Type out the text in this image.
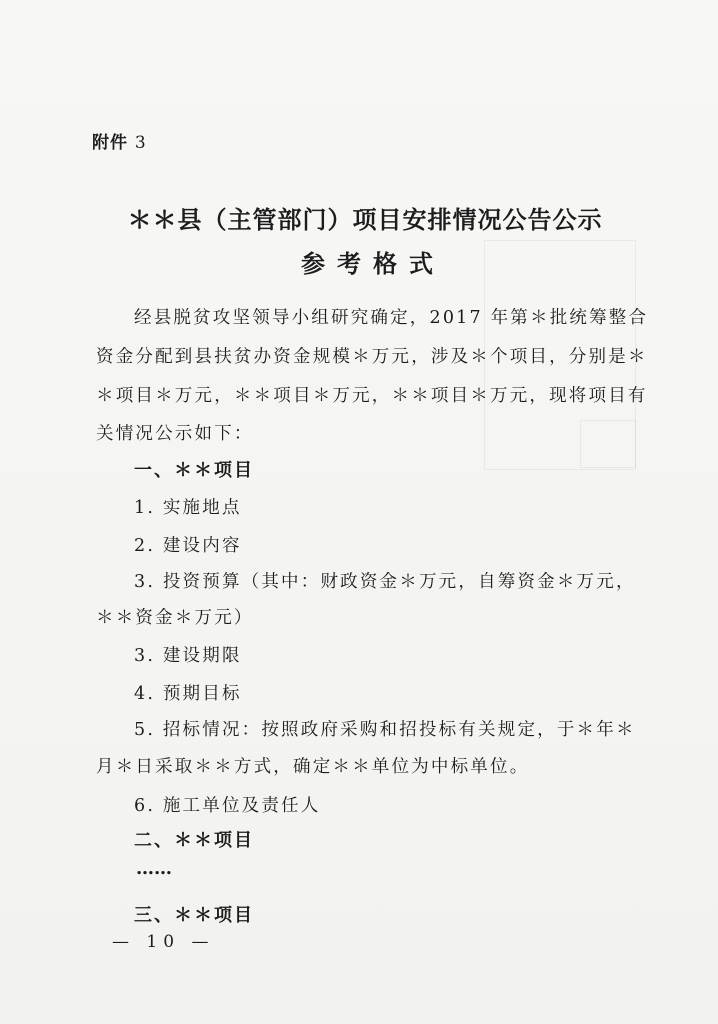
附件 3
＊＊县（主管部门）项目安排情况公告公示
参考格式
经县脱贫攻坚领导小组研究确定，2017 年第＊批统筹整合
资金分配到县扶贫办资金规模＊万元，涉及＊个项目，分别是＊
＊项目＊万元，＊＊项目＊万元，＊＊项目＊万元，现将项目有
关情况公示如下：
一、＊＊项目
1. 实施地点
2. 建设内容
3. 投资预算（其中：财政资金＊万元，自筹资金＊万元，
＊＊资金＊万元）
3. 建设期限
4. 预期目标
5. 招标情况：按照政府采购和招投标有关规定，于＊年＊
月＊日采取＊＊方式，确定＊＊单位为中标单位。
6. 施工单位及责任人
二、＊＊项目
……
三、＊＊项目
— 10 —
